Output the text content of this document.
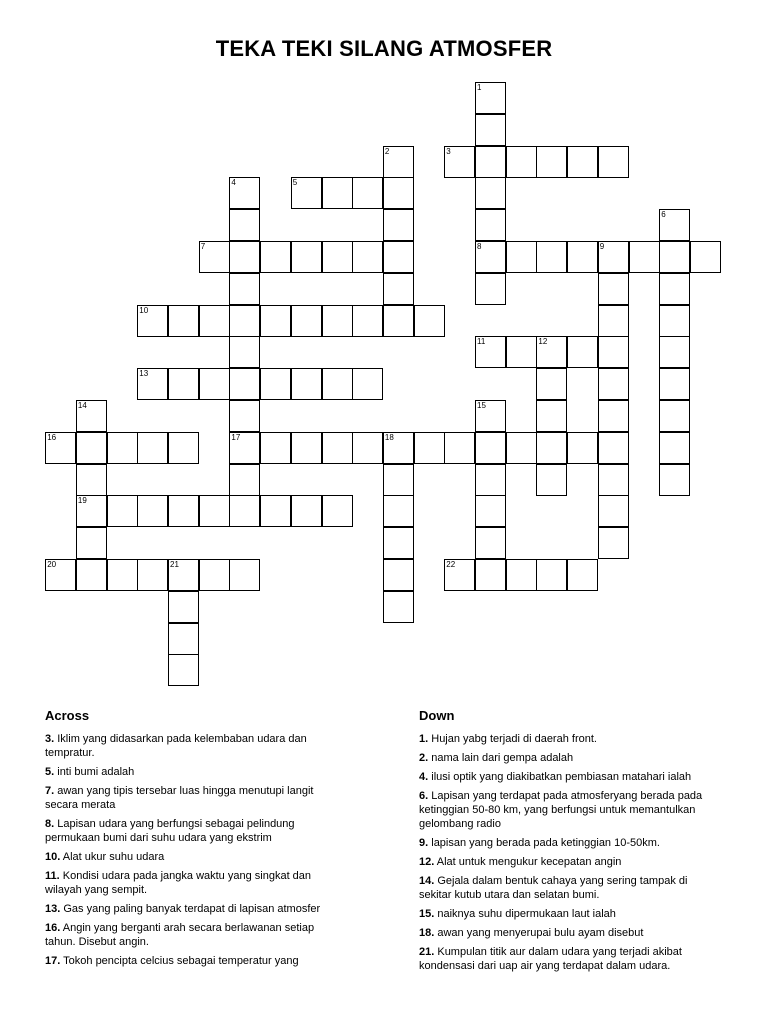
TEKA TEKI SILANG ATMOSFER
1
8
2	3
4
17
5
6
7	9
10
11	12
13
14
19
15
16	18
20	21	22
Across
3. Iklim yang didasarkan pada kelembaban udara dan tempratur.
5. inti bumi adalah
7. awan yang tipis tersebar luas hingga menutupi langit secara merata
8. Lapisan udara yang berfungsi sebagai pelindung permukaan bumi dari suhu udara yang ekstrim
10. Alat ukur suhu udara
11. Kondisi udara pada jangka waktu yang singkat dan wilayah yang sempit.
13. Gas yang paling banyak terdapat di lapisan atmosfer
16. Angin yang berganti arah secara berlawanan setiap tahun. Disebut angin.
17. Tokoh pencipta celcius sebagai temperatur yang
Down
1. Hujan yabg terjadi di daerah front.
2. nama lain dari gempa adalah
4. ilusi optik yang diakibatkan pembiasan matahari ialah
6. Lapisan yang terdapat pada atmosferyang berada pada ketinggian 50-80 km, yang berfungsi untuk memantulkan gelombang radio
9. lapisan yang berada pada ketinggian 10-50km.
12. Alat untuk mengukur kecepatan angin
14. Gejala dalam bentuk cahaya yang sering tampak di sekitar kutub utara dan selatan bumi.
15. naiknya suhu dipermukaan laut ialah
18. awan yang menyerupai bulu ayam disebut
21. Kumpulan titik aur dalam udara yang terjadi akibat kondensasi dari uap air yang terdapat dalam udara.
